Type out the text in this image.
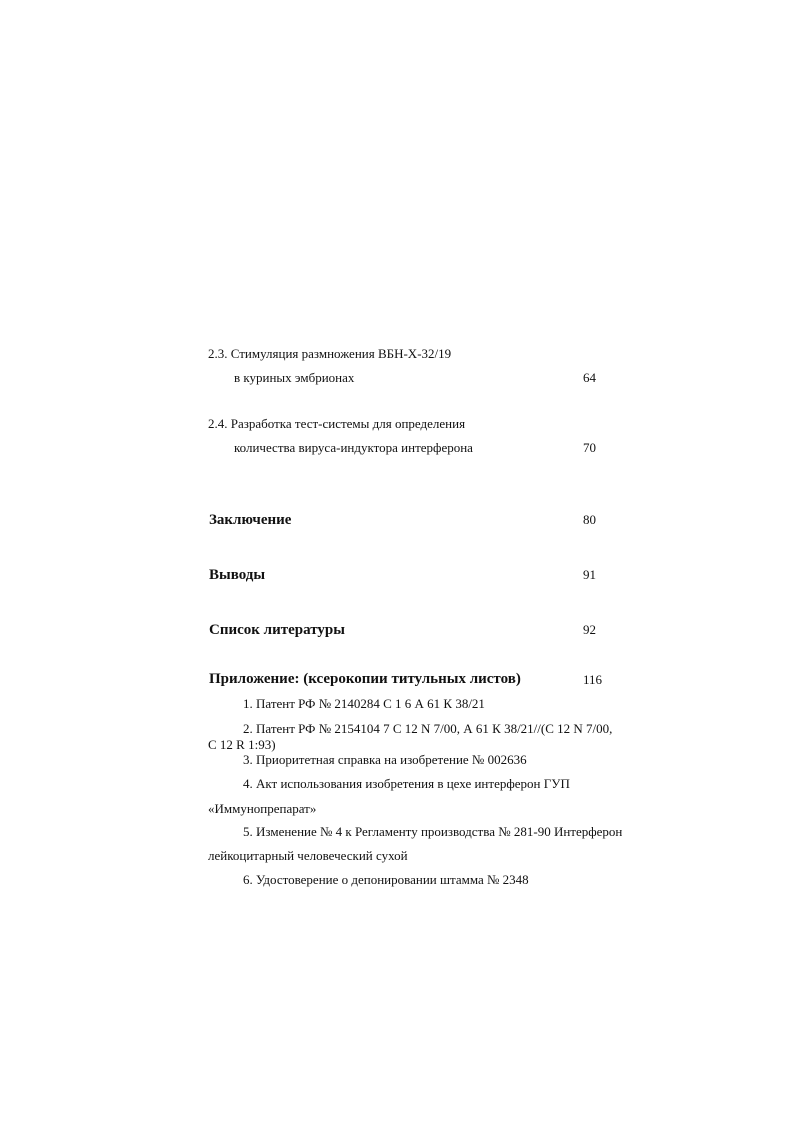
2.3. Стимуляция размножения ВБН-Х-32/19
в куриных эмбрионах	64
2.4. Разработка тест-системы для определения
количества вируса-индуктора интерферона	70
Заключение	80
Выводы	91
Список литературы	92
Приложение: (ксерокопии титульных листов)	116
1. Патент РФ № 2140284 С 1 6 А 61 К 38/21
2. Патент РФ № 2154104 7 С 12 N 7/00, А 61 К 38/21//(С 12 N 7/00,
С 12 R 1:93)
3. Приоритетная справка на изобретение № 002636
4. Акт использования изобретения в цехе интерферон ГУП
«Иммунопрепарат»
5. Изменение № 4 к Регламенту производства № 281-90 Интерферон
лейкоцитарный человеческий сухой
6. Удостоверение о депонировании штамма № 2348
